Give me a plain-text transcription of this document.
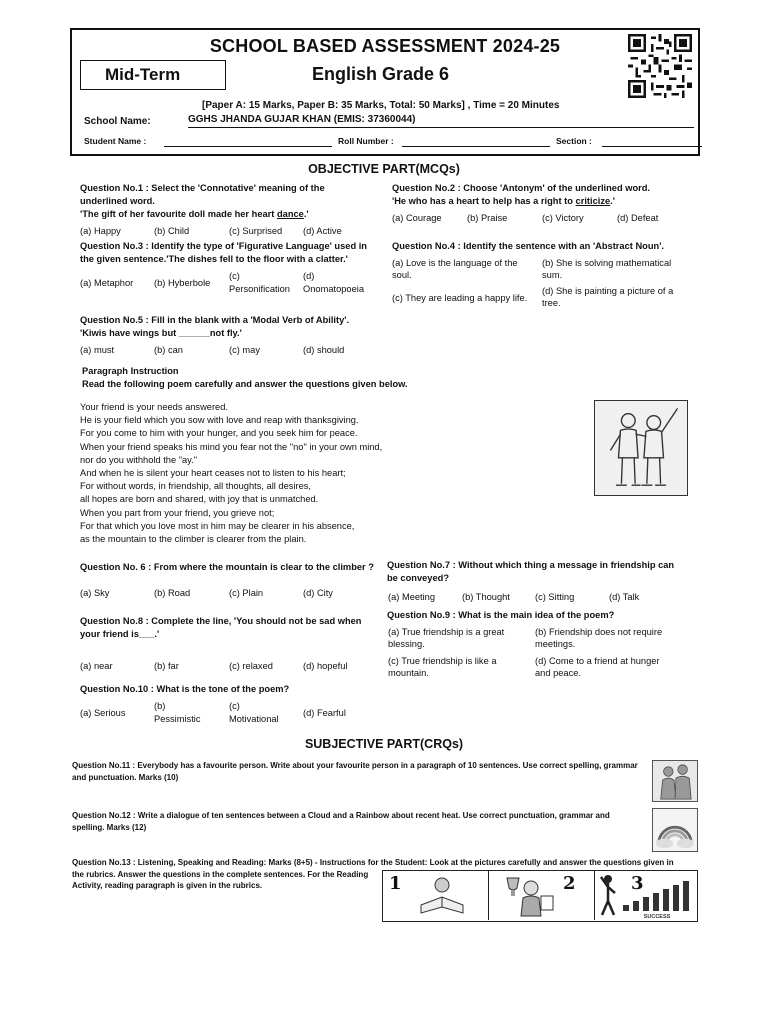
SCHOOL BASED ASSESSMENT 2024-25
Mid-Term	English Grade 6
[Paper A: 15 Marks, Paper B: 35 Marks, Total: 50 Marks] , Time = 20 Minutes
School Name:	GGHS JHANDA GUJAR KHAN (EMIS: 37360044)
Student Name :	Roll Number :	Section :
OBJECTIVE PART(MCQs)
Question No.1 : Select the 'Connotative' meaning of the
underlined word.
'The gift of her favourite doll made her heart dance.'
(a) Happy	(b) Child	(c) Surprised (d) Active
Question No.2 : Choose 'Antonym' of the underlined word.
'He who has a heart to help has a right to criticize.'
(a) Courage	(b) Praise	(c) Victory	(d) Defeat
Question No.3 : Identify the type of 'Figurative Language' used in
the given sentence.'The dishes fell to the floor with a clatter.'
(a) Metaphor (b) Hyberbole
(c)
Personification
(d)
Onomatopoeia
Question No.4 : Identify the sentence with an 'Abstract Noun'.
(a) Love is the language of the
soul.
(b) She is solving mathematical
sum.
(c) They are leading a happy life.
(d) She is painting a picture of a
tree.
Question No.5 : Fill in the blank with a 'Modal Verb of Ability'.
'Kiwis have wings but ______not fly.'
(a) must	(b) can	(c) may	(d) should
Paragraph Instruction
Read the following poem carefully and answer the questions given below.
Your friend is your needs answered.
He is your field which you sow with love and reap with thanksgiving.
For you come to him with your hunger, and you seek him for peace.
When your friend speaks his mind you fear not the "no" in your own mind,
nor do you withhold the "ay."
And when he is silent your heart ceases not to listen to his heart;
For without words, in friendship, all thoughts, all desires,
all hopes are born and shared, with joy that is unmatched.
When you part from your friend, you grieve not;
For that which you love most in him may be clearer in his absence,
as the mountain to the climber is clearer from the plain.
Question No. 6 : From where the mountain is clear to the climber ?
(a) Sky	(b) Road	(c) Plain	(d) City
Question No.7 : Without which thing a message in friendship can
be conveyed?
(a) Meeting	(b) Thought	(c) Sitting	(d) Talk
Question No.8 : Complete the line, 'You should not be sad when
your friend is___.'
(a) near	(b) far	(c) relaxed	(d) hopeful
Question No.9 : What is the main idea of the poem?
(a) True friendship is a great
blessing.
(b) Friendship does not require
meetings.
(c) True friendship is like a
mountain.
(d) Come to a friend at hunger
and peace.
Question No.10 : What is the tone of the poem?
(a) Serious
(b)
Pessimistic
(c)
Motivational
(d) Fearful
SUBJECTIVE PART(CRQs)
Question No.11 : Everybody has a favourite person. Write about your favourite person in a paragraph of 10 sentences. Use correct spelling, grammar
and punctuation. Marks (10)
Question No.12 : Write a dialogue of ten sentences between a Cloud and a Rainbow about recent heat. Use correct punctuation, grammar and
spelling. Marks (12)
Question No.13 : Listening, Speaking and Reading: Marks (8+5) - Instructions for the Student: Look at the pictures carefully and answer the questions given in
the rubrics. Answer the questions in the complete sentences. For the Reading
Activity, reading paragraph is given in the rubrics.	1	2	3
SUCCESS
